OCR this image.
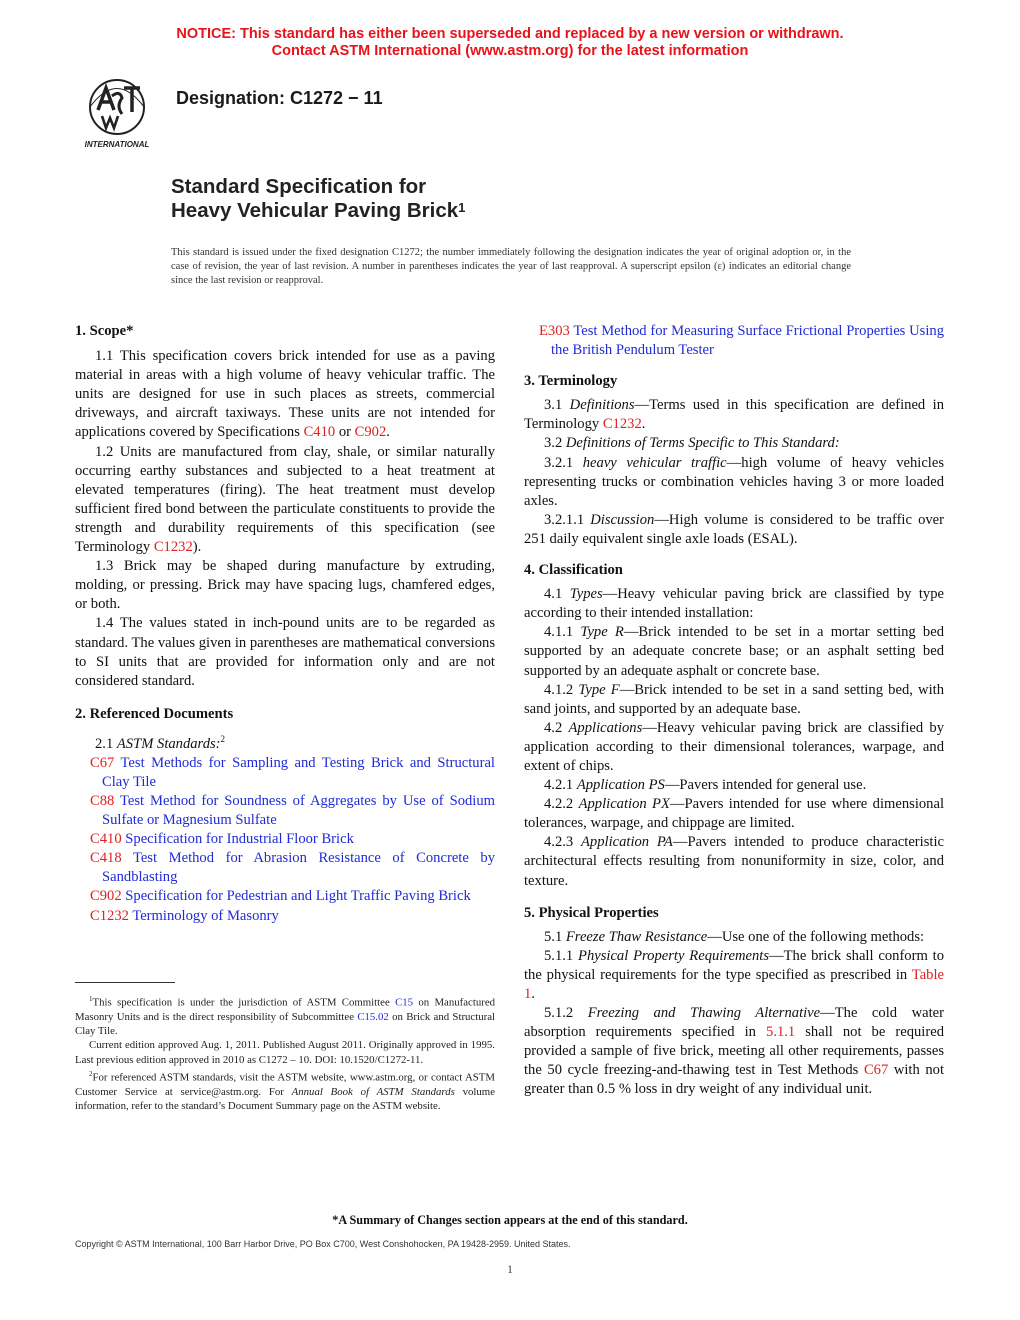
NOTICE: This standard has either been superseded and replaced by a new version or withdrawn.
Contact ASTM International (www.astm.org) for the latest information
INTERNATIONAL
Designation: C1272 − 11
Standard Specification for
Heavy Vehicular Paving Brick$^1$
This standard is issued under the fixed designation C1272; the number immediately following the designation indicates the year of original adoption or, in the case of revision, the year of last revision. A number in parentheses indicates the year of last reapproval. A superscript epsilon (ε) indicates an editorial change since the last revision or reapproval.
1. Scope*

1.1 This specification covers brick intended for use as a paving material in areas with a high volume of heavy vehicular traffic. The units are designed for use in such places as streets, commercial driveways, and aircraft taxiways. These units are not intended for applications covered by Specifications C410 or C902.

1.2 Units are manufactured from clay, shale, or similar naturally occurring earthy substances and subjected to a heat treatment at elevated temperatures (firing). The heat treatment must develop sufficient fired bond between the particulate constituents to provide the strength and durability requirements of this specification (see Terminology C1232).

1.3 Brick may be shaped during manufacture by extruding, molding, or pressing. Brick may have spacing lugs, chamfered edges, or both.

1.4 The values stated in inch-pound units are to be regarded as standard. The values given in parentheses are mathematical conversions to SI units that are provided for information only and are not considered standard.

2. Referenced Documents

2.1 ASTM Standards:$^2$

C67 Test Methods for Sampling and Testing Brick and Structural Clay Tile
C88 Test Method for Soundness of Aggregates by Use of Sodium Sulfate or Magnesium Sulfate
C410 Specification for Industrial Floor Brick
C418 Test Method for Abrasion Resistance of Concrete by Sandblasting
C902 Specification for Pedestrian and Light Traffic Paving Brick
C1232 Terminology of Masonry
E303 Test Method for Measuring Surface Frictional Properties Using the British Pendulum Tester
3. Terminology

3.1 Definitions—Terms used in this specification are defined in Terminology C1232.

3.2 Definitions of Terms Specific to This Standard:

3.2.1 heavy vehicular traffic—high volume of heavy vehicles representing trucks or combination vehicles having 3 or more loaded axles.

3.2.1.1 Discussion—High volume is considered to be traffic over 251 daily equivalent single axle loads (ESAL).

4. Classification

4.1 Types—Heavy vehicular paving brick are classified by type according to their intended installation:

4.1.1 Type R—Brick intended to be set in a mortar setting bed supported by an adequate concrete base; or an asphalt setting bed supported by an adequate asphalt or concrete base.

4.1.2 Type F—Brick intended to be set in a sand setting bed, with sand joints, and supported by an adequate base.

4.2 Applications—Heavy vehicular paving brick are classified by application according to their dimensional tolerances, warpage, and extent of chips.

4.2.1 Application PS—Pavers intended for general use.

4.2.2 Application PX—Pavers intended for use where dimensional tolerances, warpage, and chippage are limited.

4.2.3 Application PA—Pavers intended to produce characteristic architectural effects resulting from nonuniformity in size, color, and texture.

5. Physical Properties

5.1 Freeze Thaw Resistance—Use one of the following methods:

5.1.1 Physical Property Requirements—The brick shall conform to the physical requirements for the type specified as prescribed in Table 1.

5.1.2 Freezing and Thawing Alternative—The cold water absorption requirements specified in 5.1.1 shall not be required provided a sample of five brick, meeting all other requirements, passes the 50 cycle freezing-and-thawing test in Test Methods C67 with not greater than 0.5 % loss in dry weight of any individual unit.

$^1$This specification is under the jurisdiction of ASTM Committee C15 on Manufactured Masonry Units and is the direct responsibility of Subcommittee C15.02 on Brick and Structural Clay Tile.

Current edition approved Aug. 1, 2011. Published August 2011. Originally approved in 1995. Last previous edition approved in 2010 as C1272 – 10. DOI: 10.1520/C1272-11.

$^2$For referenced ASTM standards, visit the ASTM website, www.astm.org, or contact ASTM Customer Service at service@astm.org. For Annual Book of ASTM Standards volume information, refer to the standard’s Document Summary page on the ASTM website.

*A Summary of Changes section appears at the end of this standard.
Copyright © ASTM International, 100 Barr Harbor Drive, PO Box C700, West Conshohocken, PA 19428-2959. United States.
1
